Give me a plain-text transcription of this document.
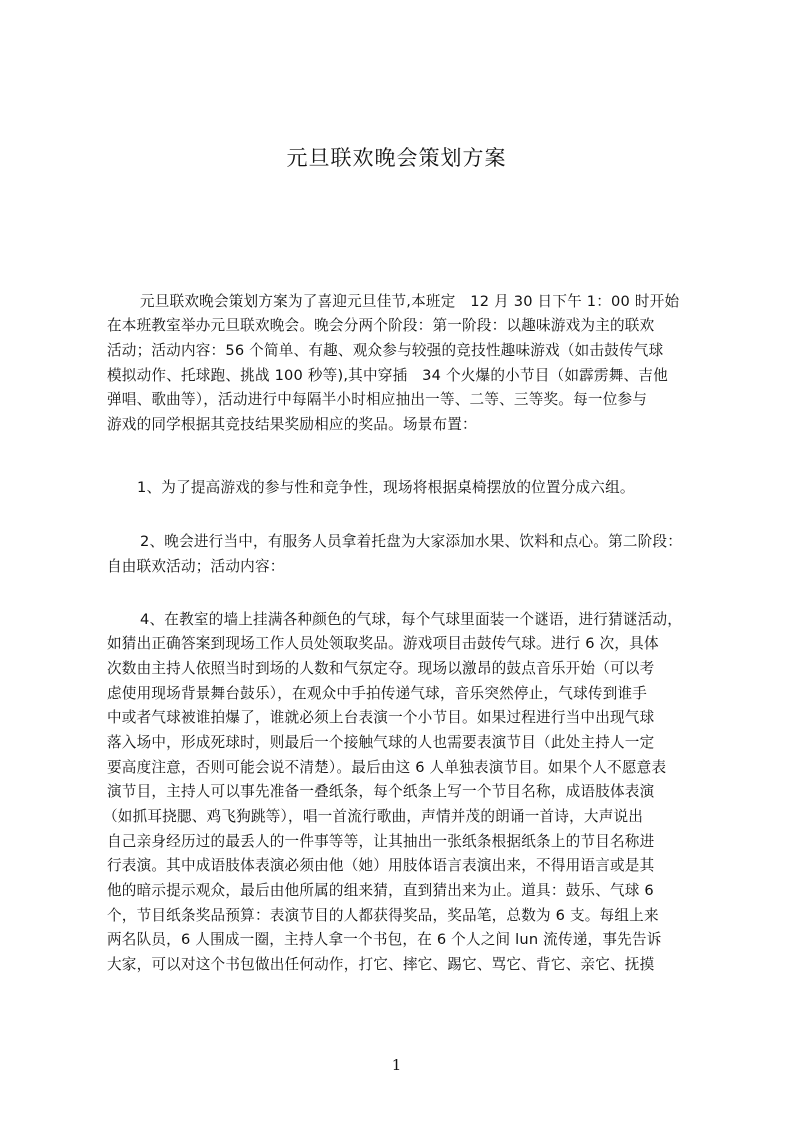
元旦联欢晚会策划方案
元旦联欢晚会策划方案为了喜迎元旦佳节,本班定　12 月 30 日下午 1：00 时开始
在本班教室举办元旦联欢晚会。晚会分两个阶段：第一阶段：以趣味游戏为主的联欢
活动；活动内容：56 个简单、有趣、观众参与较强的竞技性趣味游戏（如击鼓传气球
模拟动作、托球跑、挑战 100 秒等),其中穿插　34 个火爆的小节目（如霹雳舞、吉他
弹唱、歌曲等），活动进行中每隔半小时相应抽出一等、二等、三等奖。每一位参与
游戏的同学根据其竞技结果奖励相应的奖品。场景布置：
1、为了提高游戏的参与性和竞争性，现场将根据桌椅摆放的位置分成六组。
2、晚会进行当中，有服务人员拿着托盘为大家添加水果、饮料和点心。第二阶段：
自由联欢活动；活动内容：
4、在教室的墙上挂满各种颜色的气球，每个气球里面装一个谜语，进行猜谜活动，
如猜出正确答案到现场工作人员处领取奖品。游戏项目击鼓传气球。进行 6 次，具体
次数由主持人依照当时到场的人数和气氛定夺。现场以激昂的鼓点音乐开始（可以考
虑使用现场背景舞台鼓乐），在观众中手拍传递气球，音乐突然停止，气球传到谁手
中或者气球被谁拍爆了，谁就必须上台表演一个小节目。如果过程进行当中出现气球
落入场中，形成死球时，则最后一个接触气球的人也需要表演节目（此处主持人一定
要高度注意，否则可能会说不清楚）。最后由这 6 人单独表演节目。如果个人不愿意表
演节目，主持人可以事先准备一叠纸条，每个纸条上写一个节目名称，成语肢体表演
（如抓耳挠腮、鸡飞狗跳等），唱一首流行歌曲，声情并茂的朗诵一首诗，大声说出
自己亲身经历过的最丢人的一件事等等，让其抽出一张纸条根据纸条上的节目名称进
行表演。其中成语肢体表演必须由他（她）用肢体语言表演出来，不得用语言或是其
他的暗示提示观众，最后由他所属的组来猜，直到猜出来为止。道具：鼓乐、气球 6
个，节目纸条奖品预算：表演节目的人都获得奖品，奖品笔，总数为 6 支。每组上来
两名队员，6 人围成一圈，主持人拿一个书包，在 6 个人之间 lun 流传递，事先告诉
大家，可以对这个书包做出任何动作，打它、摔它、踢它、骂它、背它、亲它、抚摸
1
